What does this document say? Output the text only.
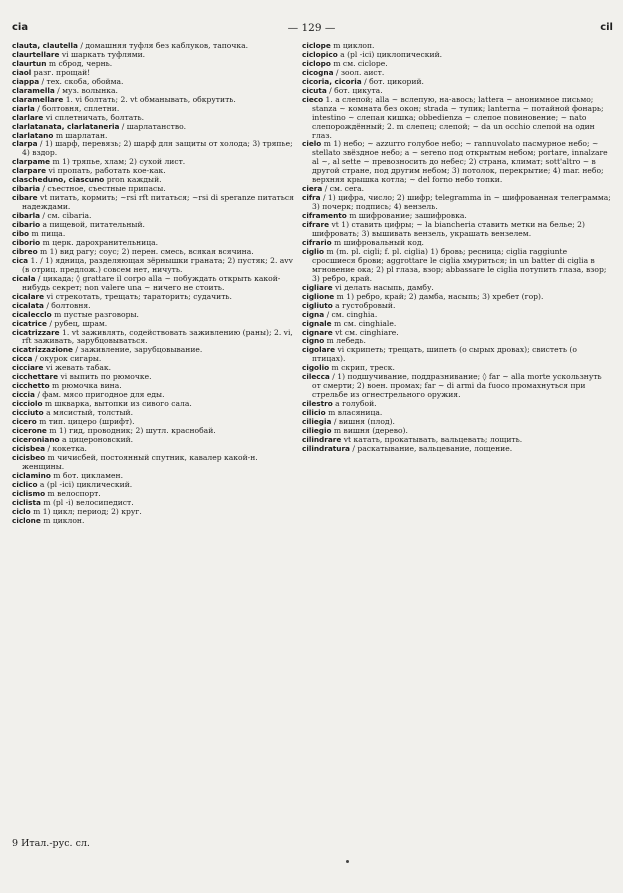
cia	— 129 —	cil

clauta, clautella / домашняя туфля без каблуков, тапочка.

claurtellare vi шаркать туфлями.

claurtun m сброд, чернь.

ciaol разг. прощай!

ciappa / тех. скоба, обойма.

claramella / муз. волынка.

claramellare 1. vi болтать; 2. vt обманывать, обкрутить.

ciarla / болтовня, сплетни.

clarlare vi сплетничать, болтать.

clarlatanata, clarlataneria / шарлатанство.

clarlatano m шарлатан.

clarpa / 1) шарф, перевязь; 2) шарф для защиты от холода; 3) тряпье; 4) вздор.

clarpame m 1) тряпье, хлам; 2) сухой лист.

clarpare vi пропать, работать кое-как.

clascheduno, ciascuno pron каждый.

cibaria / съестное, съестные припасы.

cibare vt питать, кормить; ~rsi rft питаться; ~rsi di speranze питаться надеждами.

cibarla / см. cibaria.

cibario a пищевой, питательный.

cibo m пища.

ciborio m церк. дарохранительница.

cibreo m 1) вид рагу; соус; 2) перен. смесь, всякая всячина.

cica 1. / 1) ядница, разделяющая зёрнышки граната; 2) пустяк; 2. avv (в отриц. предлож.) совсем нет, ничуть.

cicala / цикада; ◊ grattare il corpo alla ~ побуждать открыть какой-нибудь секрет; non valere una ~ ничего не стоить.

cicalare vi стрекотать, трещать; тараторить; судачить.

cicalata / болтовня.

cicalecclo m пустые разговоры.

cicatrice / рубец, шрам.

cicatrizzare 1. vt заживлять, содействовать заживлению (раны); 2. vi, rft заживать, зарубцовываться.

cicatrizzazione / заживление, зарубцовывание.

cicca / окурок сигары.

cicciare vi жевать табак.

cicchettare vi выпить по рюмочке.

cicchetto m рюмочка вина.

ciccia / фам. мясо пригодное для еды.

cicciolo m шкварка, вытопки из сивого сала.

cicciuto a мясистый, толстый.

cicero m тип. цицеро (шрифт).

cicerone m 1) гид, проводник; 2) шутл. краснобай.

ciceroniano a цицероновский.

cicisbea / кокетка.

cicisbeo m чичисбей, постоянный спутник, кавалер какой-н. женщины.

ciclamino m бот. цикламен.

ciclico a (pl -ici) циклический.

ciclismo m велоспорт.

ciclista m (pl -i) велосипедист.

ciclo m 1) цикл; период; 2) круг.

ciclone m циклон.

ciclope m циклоп.

ciclopico a (pl -ici) циклопический.

ciclopo m см. ciclope.

cicogna / зоол. аист.

cicoria, cicoria / бот. цикорий.

cicuta / бот. цикута.

cieco 1. a слепой; alla ~ вслепую, на-авось; lattera ~ анонимное письмо; stanza ~ комната без окон; strada ~ тупик; lanterna ~ потайной фонарь; intestino ~ слепая кишка; obbedienza ~ слепое повиновение; ~ nato слепорождённый; 2. m слепец; слепой; ~ da un occhio слепой на один глаз.

cielo m 1) небо; ~ azzurro голубое небо; ~ rannuvolato пасмурное небо; ~ stellato звёздное небо; a ~ sereno под открытым небом; portare, innalzare al ~, al sette ~ превозносить до небес; 2) страна, климат; sott'altro ~ в другой стране, под другим небом; 3) потолок, перекрытие; 4) mar. небо; верхняя крышка котла; ~ del forno небо топки.

ciera / см. cera.

cifra / 1) цифра, число; 2) шифр; telegramma in ~ шифрованная телеграмма; 3) почерк; подпись; 4) вензель.

ciframento m шифрование; зашифровка.

cifrare vt 1) ставить цифры; ~ la biancheria ставить метки на белье; 2) шифровать; 3) вышивать вензель, украшать вензелем.

cifrario m шифровальный код.

ciglio m (m. pl. cigli; f. pl. ciglia) 1) бровь; ресница; ciglia raggiunte сросшиеся брови; aggrottare le ciglia хмуриться; in un batter di ciglia в мгновение ока; 2) pl глаза, взор; abbassare le ciglia потупить глаза, взор; 3) ребро, край.

cigliare vi делать насыпь, дамбу.

ciglione m 1) ребро, край; 2) дамба, насыпь; 3) хребет (гор).

cigliuto a густобровый.

cigna / см. cinghia.

cignale m см. cinghiale.

cignare vt см. cinghiare.

cigno m лебедь.

cigolare vi скрипеть; трещать, шипеть (о сырых дровах); свистеть (о птицах).

cigolio m скрип, треск.

cilecca / 1) подшучивание, поддразнивание; ◊ far ~ alla morte ускользнуть от смерти; 2) воен. промах; far ~ di armi da fuoco промахнуться при стрельбе из огнестрельного оружия.

cilestro a голубой.

cilicio m власяница.

ciliegia / вишня (плод).

ciliegio m вишня (дерево).

cilindrare vt катать, прокатывать, вальцевать; лощить.

cilindratura / раскатывание, вальцевание, лощение.

9 Итал.-рус. сл.
